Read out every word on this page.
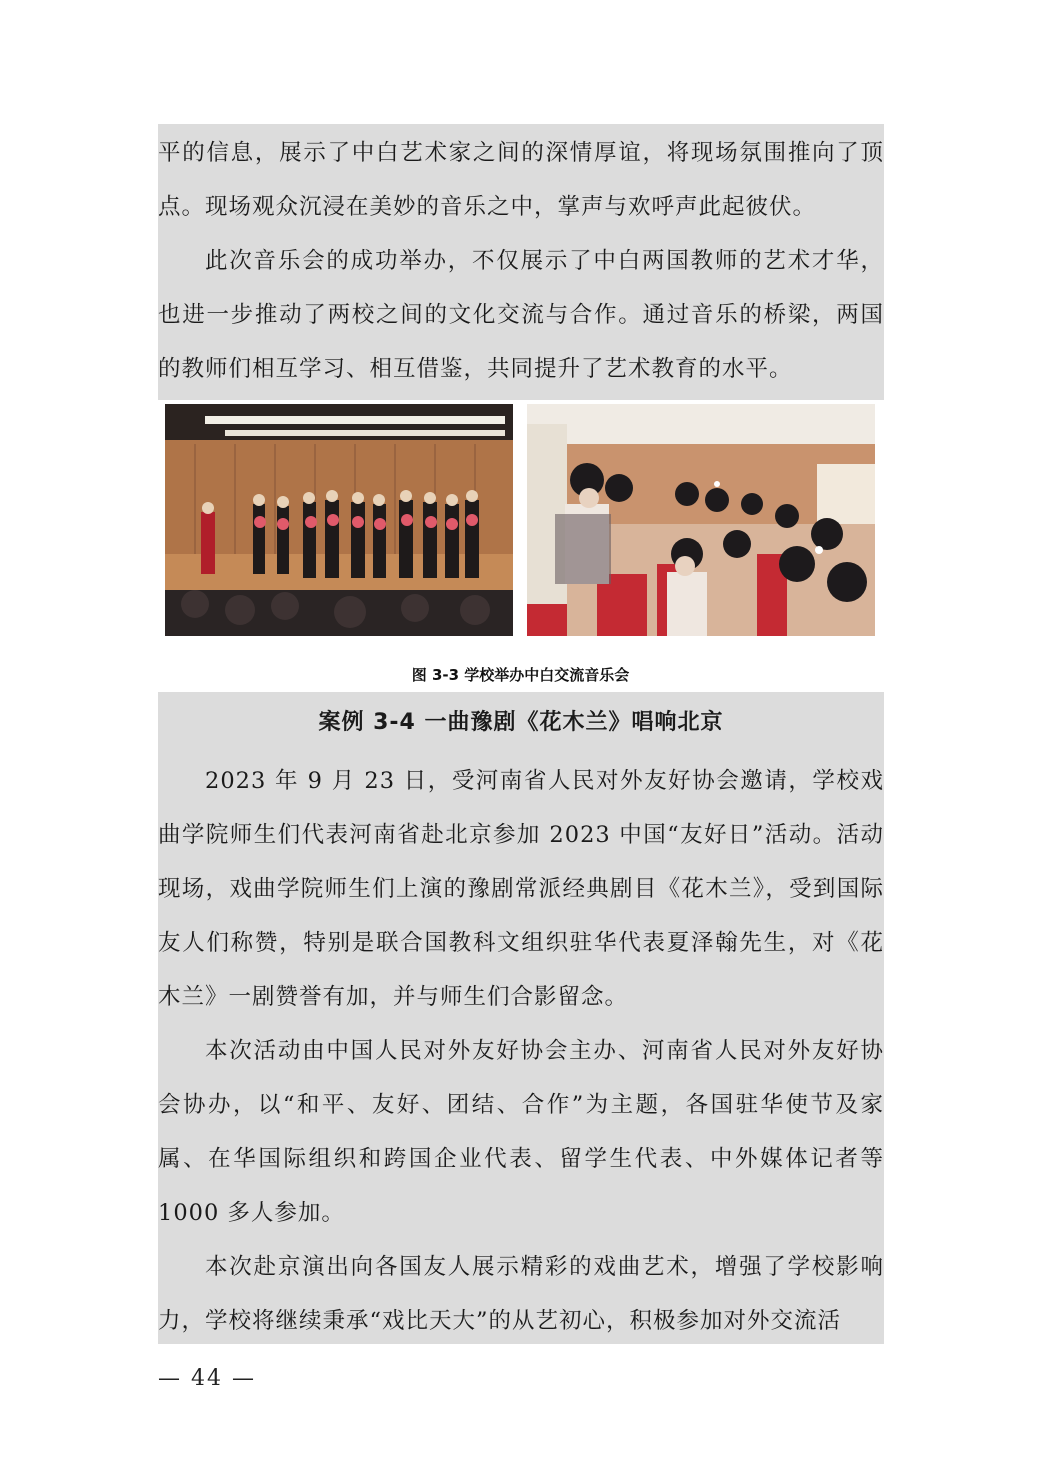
平的信息，展示了中白艺术家之间的深情厚谊，将现场氛围推向了顶点。现场观众沉浸在美妙的音乐之中，掌声与欢呼声此起彼伏。

此次音乐会的成功举办，不仅展示了中白两国教师的艺术才华，也进一步推动了两校之间的文化交流与合作。通过音乐的桥梁，两国的教师们相互学习、相互借鉴，共同提升了艺术教育的水平。

图 3-3 学校举办中白交流音乐会
案例 3-4 一曲豫剧《花木兰》唱响北京

2023 年 9 月 23 日，受河南省人民对外友好协会邀请，学校戏曲学院师生们代表河南省赴北京参加 2023 中国“友好日”活动。活动现场，戏曲学院师生们上演的豫剧常派经典剧目《花木兰》，受到国际友人们称赞，特别是联合国教科文组织驻华代表夏泽翰先生，对《花木兰》一剧赞誉有加，并与师生们合影留念。

本次活动由中国人民对外友好协会主办、河南省人民对外友好协会协办，以“和平、友好、团结、合作”为主题，各国驻华使节及家属、在华国际组织和跨国企业代表、留学生代表、中外媒体记者等 1000 多人参加。

本次赴京演出向各国友人展示精彩的戏曲艺术，增强了学校影响力，学校将继续秉承“戏比天大”的从艺初心，积极参加对外交流活

— 44 —
